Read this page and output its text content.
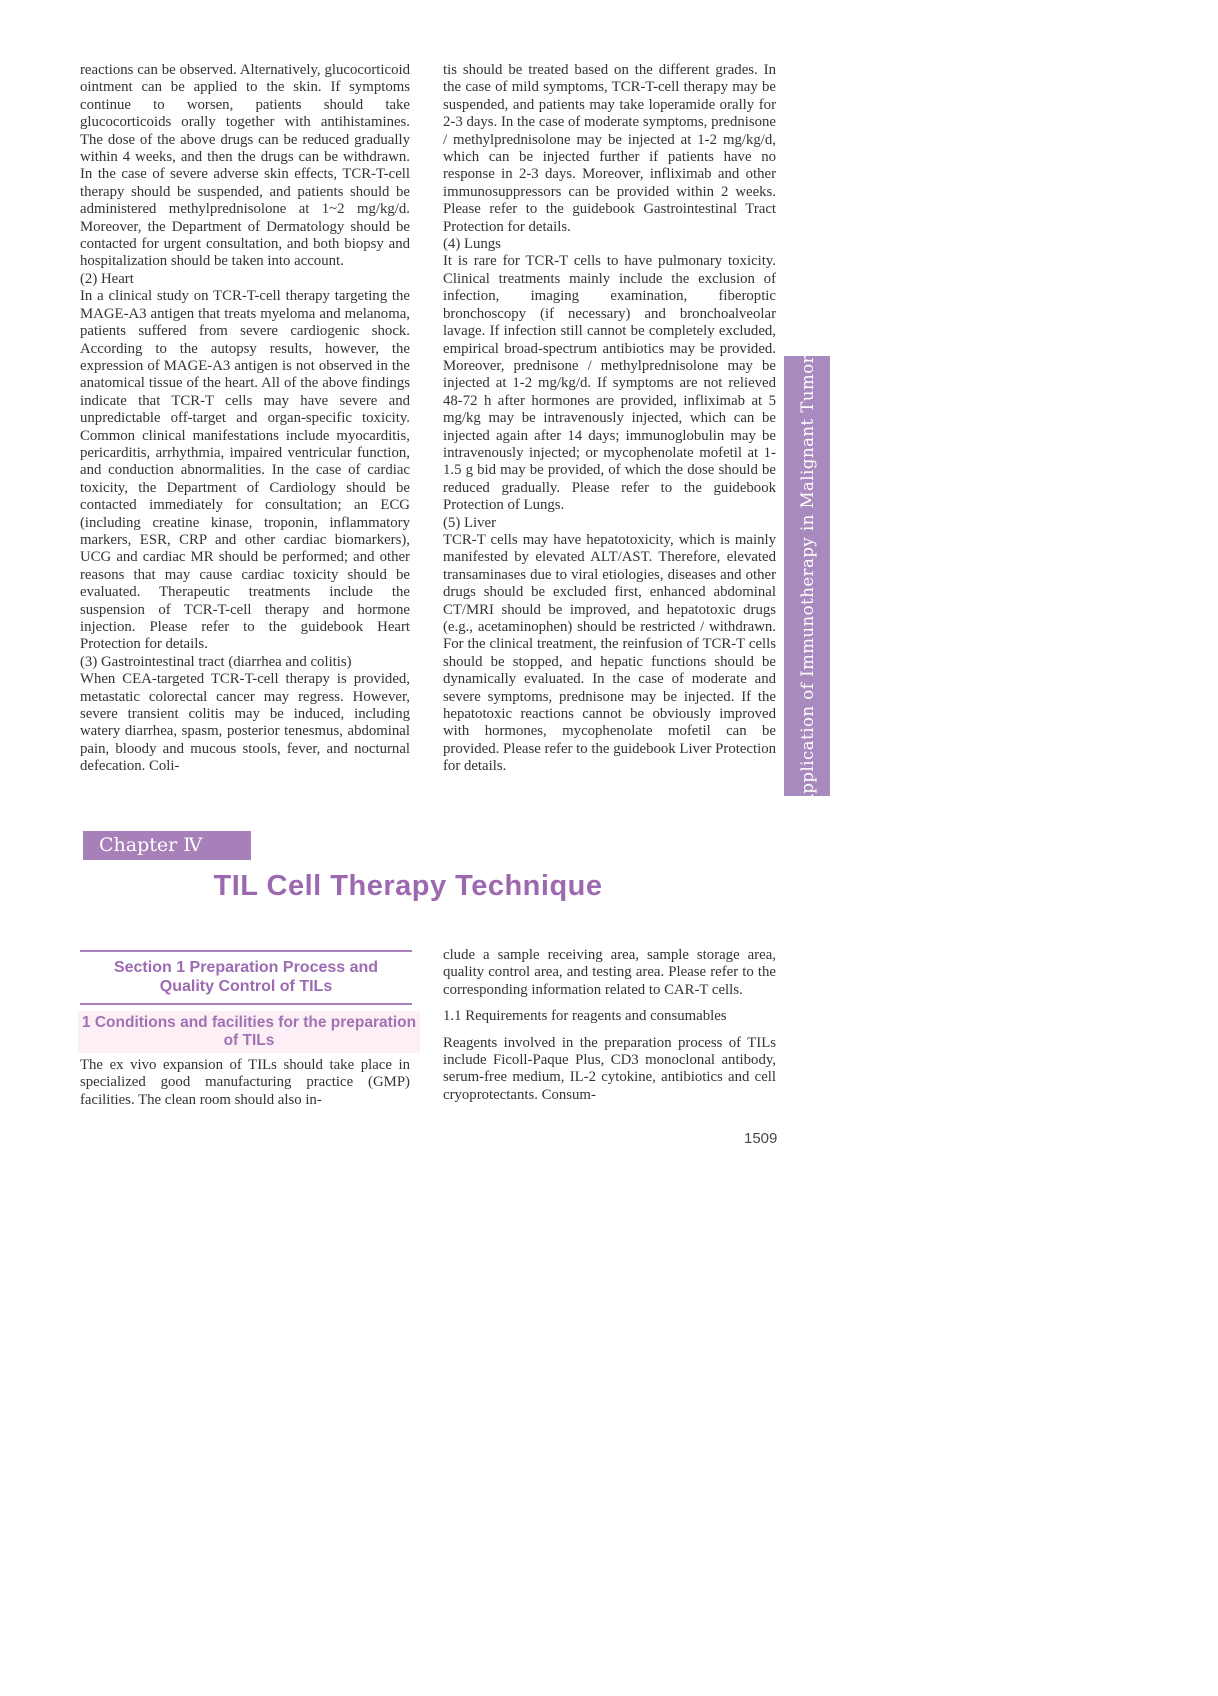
reactions can be observed. Alternatively, glucocorticoid ointment can be applied to the skin. If symptoms continue to worsen, patients should take glucocorticoids orally together with antihistamines. The dose of the above drugs can be reduced gradually within 4 weeks, and then the drugs can be withdrawn. In the case of severe adverse skin effects, TCR-T-cell therapy should be suspended, and patients should be administered methylprednisolone at 1~2 mg/kg/d. Moreover, the Department of Dermatology should be contacted for urgent consultation, and both biopsy and hospitalization should be taken into account.

(2) Heart

In a clinical study on TCR-T-cell therapy targeting the MAGE-A3 antigen that treats myeloma and melanoma, patients suffered from severe cardiogenic shock. According to the autopsy results, however, the expression of MAGE-A3 antigen is not observed in the anatomical tissue of the heart. All of the above findings indicate that TCR-T cells may have severe and unpredictable off-target and organ-specific toxicity. Common clinical manifestations include myocarditis, pericarditis, arrhythmia, impaired ventricular function, and conduction abnormalities. In the case of cardiac toxicity, the Department of Cardiology should be contacted immediately for consultation; an ECG (including creatine kinase, troponin, inflammatory markers, ESR, CRP and other cardiac biomarkers), UCG and cardiac MR should be performed; and other reasons that may cause cardiac toxicity should be evaluated. Therapeutic treatments include the suspension of TCR-T-cell therapy and hormone injection. Please refer to the guidebook Heart Protection for details.

(3) Gastrointestinal tract (diarrhea and colitis)

When CEA-targeted TCR-T-cell therapy is provided, metastatic colorectal cancer may regress. However, severe transient colitis may be induced, including watery diarrhea, spasm, posterior tenesmus, abdominal pain, bloody and mucous stools, fever, and nocturnal defecation. Coli-

tis should be treated based on the different grades. In the case of mild symptoms, TCR-T-cell therapy may be suspended, and patients may take loperamide orally for 2-3 days. In the case of moderate symptoms, prednisone / methylprednisolone may be injected at 1-2 mg/kg/d, which can be injected further if patients have no response in 2-3 days. Moreover, infliximab and other immunosuppressors can be provided within 2 weeks. Please refer to the guidebook Gastrointestinal Tract Protection for details.

(4) Lungs

It is rare for TCR-T cells to have pulmonary toxicity. Clinical treatments mainly include the exclusion of infection, imaging examination, fiberoptic bronchoscopy (if necessary) and bronchoalveolar lavage. If infection still cannot be completely excluded, empirical broad-spectrum antibiotics may be provided. Moreover, prednisone / methylprednisolone may be injected at 1-2 mg/kg/d. If symptoms are not relieved 48-72 h after hormones are provided, infliximab at 5 mg/kg may be intravenously injected, which can be injected again after 14 days; immunoglobulin may be intravenously injected; or mycophenolate mofetil at 1-1.5 g bid may be provided, of which the dose should be reduced gradually. Please refer to the guidebook Protection of Lungs.

(5) Liver

TCR-T cells may have hepatotoxicity, which is mainly manifested by elevated ALT/AST. Therefore, elevated transaminases due to viral etiologies, diseases and other drugs should be excluded first, enhanced abdominal CT/MRI should be improved, and hepatotoxic drugs (e.g., acetaminophen) should be restricted / withdrawn. For the clinical treatment, the reinfusion of TCR-T cells should be stopped, and hepatic functions should be dynamically evaluated. In the case of moderate and severe symptoms, prednisone may be injected. If the hepatotoxic reactions cannot be obviously improved with hormones, mycophenolate mofetil can be provided. Please refer to the guidebook Liver Protection for details.	Application of Immunotherapy in Malignant Tumors
Chapter Ⅳ
TIL Cell Therapy Technique
Section 1 Preparation Process and Quality Control of TILs
1 Conditions and facilities for the preparation of TILs

The ex vivo expansion of TILs should take place in specialized good manufacturing practice (GMP) facilities. The clean room should also in-

clude a sample receiving area, sample storage area, quality control area, and testing area. Please refer to the corresponding information related to CAR-T cells.

1.1 Requirements for reagents and consumables

Reagents involved in the preparation process of TILs include Ficoll-Paque Plus, CD3 monoclonal antibody, serum-free medium, IL-2 cytokine, antibiotics and cell cryoprotectants. Consum-

1509
